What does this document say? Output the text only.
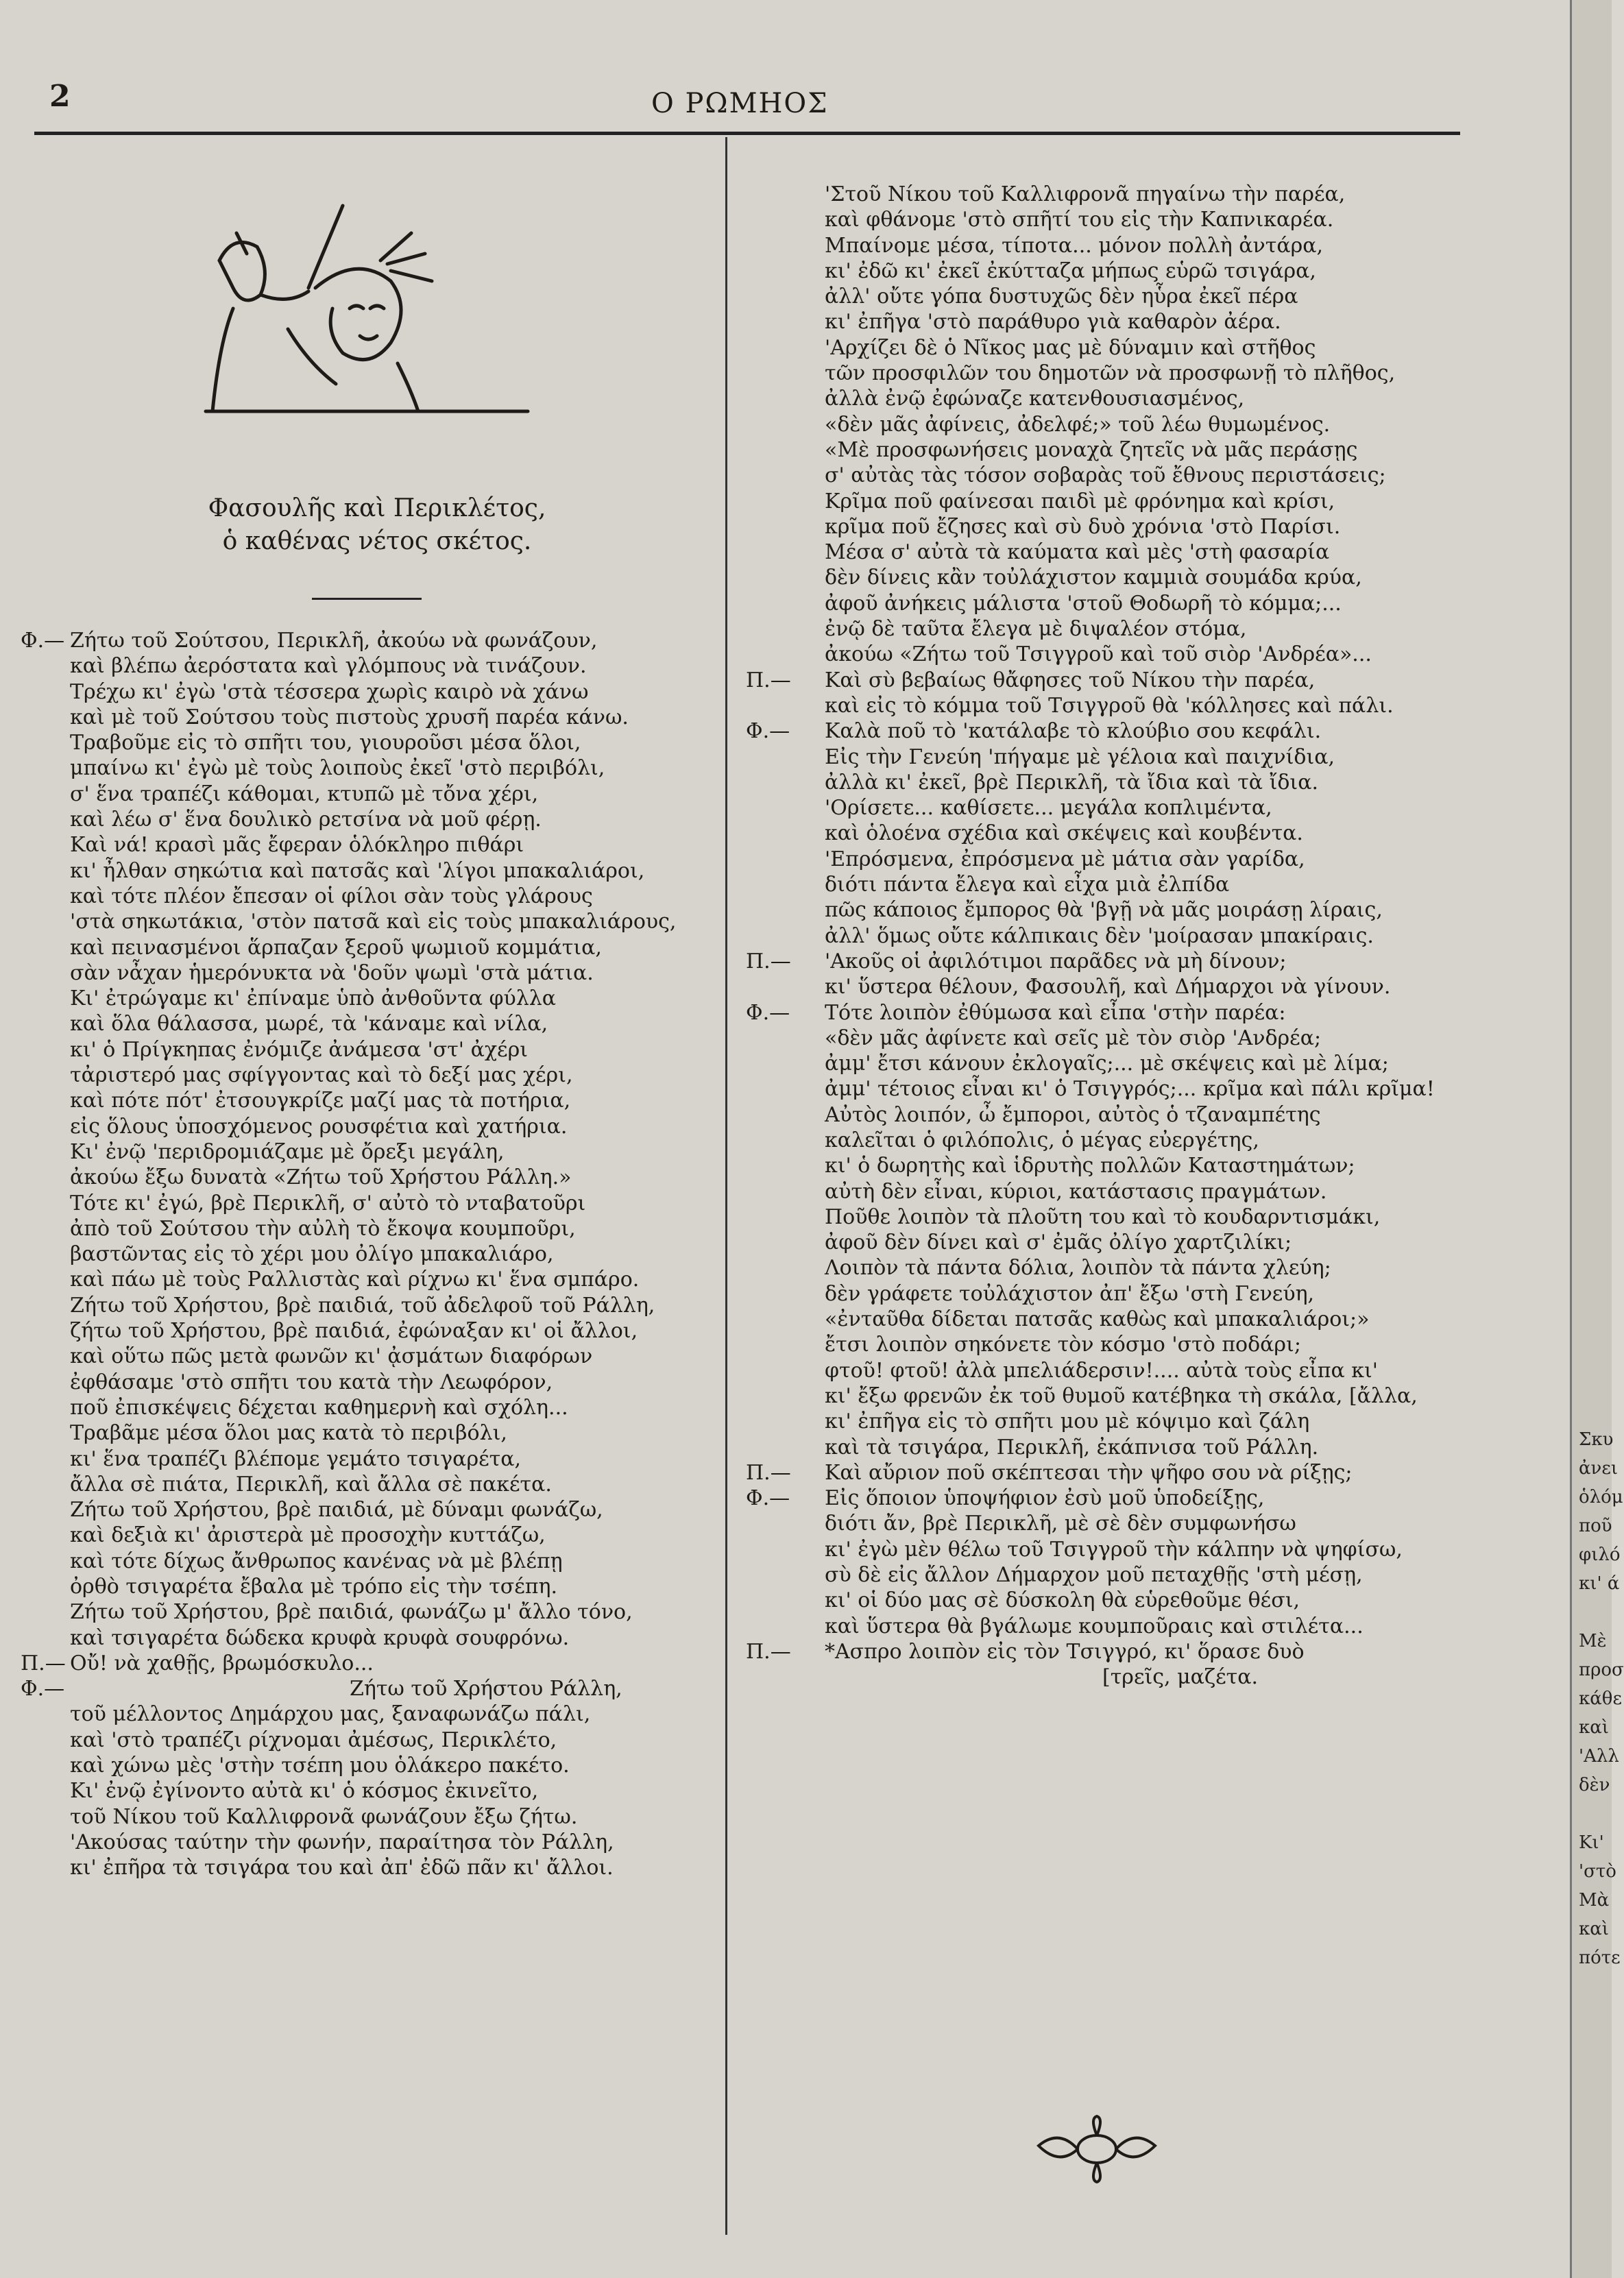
2	Ο ΡΩΜΗΟΣ
Φασουλῆς καὶ Περικλέτος,
ὁ καθένας νέτος σκέτος.
Φ.— Ζήτω τοῦ Σούτσου, Περικλῆ, ἀκούω νὰ φωνάζουν,
καὶ βλέπω ἀερόστατα καὶ γλόμπους νὰ τινάζουν.
Τρέχω κι' ἐγὼ 'στὰ τέσσερα χωρὶς καιρὸ νὰ χάνω
καὶ μὲ τοῦ Σούτσου τοὺς πιστοὺς χρυσῆ παρέα κάνω.
Τραβοῦμε εἰς τὸ σπῆτι του, γιουροῦσι μέσα ὅλοι,
μπαίνω κι' ἐγὼ μὲ τοὺς λοιποὺς ἐκεῖ 'στὸ περιβόλι,
σ' ἕνα τραπέζι κάθομαι, κτυπῶ μὲ τὄνα χέρι,
καὶ λέω σ' ἕνα δουλικὸ ρετσίνα νὰ μοῦ φέρῃ.
Καὶ νά! κρασὶ μᾶς ἔφεραν ὁλόκληρο πιθάρι
κι' ἦλθαν σηκώτια καὶ πατσᾶς καὶ 'λίγοι μπακαλιάροι,
καὶ τότε πλέον ἔπεσαν οἱ φίλοι σὰν τοὺς γλάρους
'στὰ σηκωτάκια, 'στὸν πατσᾶ καὶ εἰς τοὺς μπακαλιάρους,
καὶ πεινασμένοι ἅρπαζαν ξεροῦ ψωμιοῦ κομμάτια,
σὰν νἆχαν ἡμερόνυκτα νὰ 'δοῦν ψωμὶ 'στὰ μάτια.
Κι' ἐτρώγαμε κι' ἐπίναμε ὑπὸ ἀνθοῦντα φύλλα
καὶ ὅλα θάλασσα, μωρέ, τὰ 'κάναμε καὶ νίλα,
κι' ὁ Πρίγκηπας ἐνόμιζε ἀνάμεσα 'στ' ἀχέρι
τἀριστερό μας σφίγγοντας καὶ τὸ δεξί μας χέρι,
καὶ πότε πότ' ἐτσουγκρίζε μαζί μας τὰ ποτήρια,
εἰς ὅλους ὑποσχόμενος ρουσφέτια καὶ χατήρια.
Κι' ἐνῷ 'περιδρομιάζαμε μὲ ὄρεξι μεγάλη,
ἀκούω ἔξω δυνατὰ «Ζήτω τοῦ Χρήστου Ράλλη.»
Τότε κι' ἐγώ, βρὲ Περικλῆ, σ' αὐτὸ τὸ νταβατοῦρι
ἀπὸ τοῦ Σούτσου τὴν αὐλὴ τὸ ἔκοψα κουμποῦρι,
βαστῶντας εἰς τὸ χέρι μου ὀλίγο μπακαλιάρο,
καὶ πάω μὲ τοὺς Ραλλιστὰς καὶ ρίχνω κι' ἕνα σμπάρο.
Ζήτω τοῦ Χρήστου, βρὲ παιδιά, τοῦ ἀδελφοῦ τοῦ Ράλλη,
ζήτω τοῦ Χρήστου, βρὲ παιδιά, ἐφώναξαν κι' οἱ ἄλλοι,
καὶ οὕτω πῶς μετὰ φωνῶν κι' ᾀσμάτων διαφόρων
ἐφθάσαμε 'στὸ σπῆτι του κατὰ τὴν Λεωφόρον,
ποῦ ἐπισκέψεις δέχεται καθημερνὴ καὶ σχόλη...
Τραβᾶμε μέσα ὅλοι μας κατὰ τὸ περιβόλι,
κι' ἕνα τραπέζι βλέπομε γεμάτο τσιγαρέτα,
ἄλλα σὲ πιάτα, Περικλῆ, καὶ ἄλλα σὲ πακέτα.
Ζήτω τοῦ Χρήστου, βρὲ παιδιά, μὲ δύναμι φωνάζω,
καὶ δεξιὰ κι' ἀριστερὰ μὲ προσοχὴν κυττάζω,
καὶ τότε δίχως ἄνθρωπος κανένας νὰ μὲ βλέπῃ
ὀρθὸ τσιγαρέτα ἔβαλα μὲ τρόπο εἰς τὴν τσέπη.
Ζήτω τοῦ Χρήστου, βρὲ παιδιά, φωνάζω μ' ἄλλο τόνο,
καὶ τσιγαρέτα δώδεκα κρυφὰ κρυφὰ σουφρόνω.
Π.— Οὔ! νὰ χαθῇς, βρωμόσκυλο...
Φ.—	Ζήτω τοῦ Χρήστου Ράλλη,
τοῦ μέλλοντος Δημάρχου μας, ξαναφωνάζω πάλι,
καὶ 'στὸ τραπέζι ρίχνομαι ἀμέσως, Περικλέτο,
καὶ χώνω μὲς 'στὴν τσέπη μου ὁλάκερο πακέτο.
Κι' ἐνῷ ἐγίνοντο αὐτὰ κι' ὁ κόσμος ἐκινεῖτο,
τοῦ Νίκου τοῦ Καλλιφρονᾶ φωνάζουν ἔξω ζήτω.
'Ακούσας ταύτην τὴν φωνήν, παραίτησα τὸν Ράλλη,
κι' ἐπῆρα τὰ τσιγάρα του καὶ ἀπ' ἐδῶ πᾶν κι' ἄλλοι.
'Στοῦ Νίκου τοῦ Καλλιφρονᾶ πηγαίνω τὴν παρέα,
καὶ φθάνομε 'στὸ σπῆτί του εἰς τὴν Καπνικαρέα.
Μπαίνομε μέσα, τίποτα... μόνον πολλὴ ἀντάρα,
κι' ἐδῶ κι' ἐκεῖ ἐκύτταζα μήπως εὑρῶ τσιγάρα,
ἀλλ' οὔτε γόπα δυστυχῶς δὲν ηὗρα ἐκεῖ πέρα
κι' ἐπῆγα 'στὸ παράθυρο γιὰ καθαρὸν ἀέρα.
'Αρχίζει δὲ ὁ Νῖκος μας μὲ δύναμιν καὶ στῆθος
τῶν προσφιλῶν του δημοτῶν νὰ προσφωνῇ τὸ πλῆθος,
ἀλλὰ ἐνῷ ἐφώναζε κατενθουσιασμένος,
«δὲν μᾶς ἀφίνεις, ἀδελφέ;» τοῦ λέω θυμωμένος.
«Μὲ προσφωνήσεις μοναχὰ ζητεῖς νὰ μᾶς περάσῃς
σ' αὐτὰς τὰς τόσον σοβαρὰς τοῦ ἔθνους περιστάσεις;
Κρῖμα ποῦ φαίνεσαι παιδὶ μὲ φρόνημα καὶ κρίσι,
κρῖμα ποῦ ἔζησες καὶ σὺ δυὸ χρόνια 'στὸ Παρίσι.
Μέσα σ' αὐτὰ τὰ καύματα καὶ μὲς 'στὴ φασαρία
δὲν δίνεις κἂν τοὐλάχιστον καμμιὰ σουμάδα κρύα,
ἀφοῦ ἀνήκεις μάλιστα 'στοῦ Θοδωρῆ τὸ κόμμα;...
ἐνῷ δὲ ταῦτα ἔλεγα μὲ διψαλέον στόμα,
ἀκούω «Ζήτω τοῦ Τσιγγροῦ καὶ τοῦ σιὸρ 'Ανδρέα»...
Π.— Καὶ σὺ βεβαίως θἄφησες τοῦ Νίκου τὴν παρέα,
καὶ εἰς τὸ κόμμα τοῦ Τσιγγροῦ θὰ 'κόλλησες καὶ πάλι.
Φ.— Καλὰ ποῦ τὸ 'κατάλαβε τὸ κλούβιο σου κεφάλι.
Εἰς τὴν Γενεύη 'πήγαμε μὲ γέλοια καὶ παιχνίδια,
ἀλλὰ κι' ἐκεῖ, βρὲ Περικλῆ, τὰ ἴδια καὶ τὰ ἴδια.
'Ορίσετε... καθίσετε... μεγάλα κοπλιμέντα,
καὶ ὁλοένα σχέδια καὶ σκέψεις καὶ κουβέντα.
'Επρόσμενα, ἐπρόσμενα μὲ μάτια σὰν γαρίδα,
διότι πάντα ἔλεγα καὶ εἶχα μιὰ ἐλπίδα
πῶς κάποιος ἔμπορος θὰ 'βγῇ νὰ μᾶς μοιράσῃ λίραις,
ἀλλ' ὅμως οὔτε κάλπικαις δὲν 'μοίρασαν μπακίραις.
Π.— 'Ακοῦς οἱ ἀφιλότιμοι παρᾶδες νὰ μὴ δίνουν;
κι' ὕστερα θέλουν, Φασουλῆ, καὶ Δήμαρχοι νὰ γίνουν.
Φ.— Τότε λοιπὸν ἐθύμωσα καὶ εἶπα 'στὴν παρέα:
«δὲν μᾶς ἀφίνετε καὶ σεῖς μὲ τὸν σιὸρ 'Ανδρέα;
ἀμμ' ἔτσι κάνουν ἐκλογαῖς;... μὲ σκέψεις καὶ μὲ λίμα;
ἀμμ' τέτοιος εἶναι κι' ὁ Τσιγγρός;... κρῖμα καὶ πάλι κρῖμα!
Αὐτὸς λοιπόν, ὦ ἔμποροι, αὐτὸς ὁ τζαναμπέτης
καλεῖται ὁ φιλόπολις, ὁ μέγας εὐεργέτης,
κι' ὁ δωρητὴς καὶ ἱδρυτὴς πολλῶν Καταστημάτων;
αὐτὴ δὲν εἶναι, κύριοι, κατάστασις πραγμάτων.
Ποῦθε λοιπὸν τὰ πλοῦτη του καὶ τὸ κουδαρντισμάκι,
ἀφοῦ δὲν δίνει καὶ σ' ἐμᾶς ὀλίγο χαρτζιλίκι;
Λοιπὸν τὰ πάντα δόλια, λοιπὸν τὰ πάντα χλεύη;
δὲν γράφετε τοὐλάχιστον ἀπ' ἔξω 'στὴ Γενεύη,
«ἐνταῦθα δίδεται πατσᾶς καθὼς καὶ μπακαλιάροι;»
ἔτσι λοιπὸν σηκόνετε τὸν κόσμο 'στὸ ποδάρι;
φτοῦ! φτοῦ! ἀλὰ μπελιάδερσιν!.... αὐτὰ τοὺς εἶπα κι'
κι' ἔξω φρενῶν ἐκ τοῦ θυμοῦ κατέβηκα τὴ σκάλα, [ἄλλα,
κι' ἐπῆγα εἰς τὸ σπῆτι μου μὲ κόψιμο καὶ ζάλη
καὶ τὰ τσιγάρα, Περικλῆ, ἐκάπνισα τοῦ Ράλλη.
Π.— Καὶ αὔριον ποῦ σκέπτεσαι τὴν ψῆφο σου νὰ ρίξῃς;
Φ.— Εἰς ὅποιον ὑποψήφιον ἐσὺ μοῦ ὑποδείξῃς,
διότι ἄν, βρὲ Περικλῆ, μὲ σὲ δὲν συμφωνήσω
κι' ἐγὼ μὲν θέλω τοῦ Τσιγγροῦ τὴν κάλπην νὰ ψηφίσω,
σὺ δὲ εἰς ἄλλον Δήμαρχον μοῦ πεταχθῇς 'στὴ μέσῃ,
κι' οἱ δύο μας σὲ δύσκολη θὰ εὑρεθοῦμε θέσι,
καὶ ὕστερα θὰ βγάλωμε κουμποῦραις καὶ στιλέτα...
Π.— *Ασπρο λοιπὸν εἰς τὸν Τσιγγρό, κι' ὅρασε δυὸ
[τρεῖς, μαζέτα.
Σκυ
ἀνει
ὁλόμ
ποῦ
φιλό
κι' ά
Μὲ
προσ
κάθε
καὶ
'Αλλ
δὲν
Κι'
'στὸ
Μὰ
καὶ
πότε
